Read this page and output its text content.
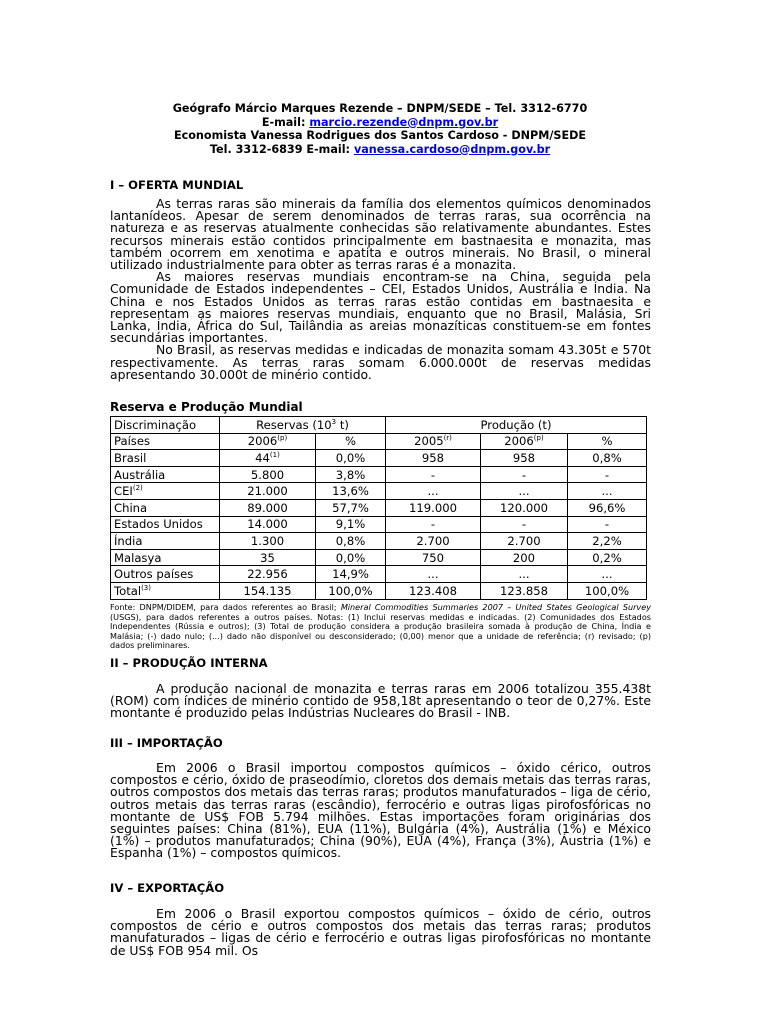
Geógrafo Márcio Marques Rezende – DNPM/SEDE – Tel. 3312-6770
E-mail: marcio.rezende@dnpm.gov.br
Economista Vanessa Rodrigues dos Santos Cardoso - DNPM/SEDE
Tel. 3312-6839 E-mail: vanessa.cardoso@dnpm.gov.br
I – OFERTA MUNDIAL

As terras raras são minerais da família dos elementos químicos denominados lantanídeos. Apesar de serem denominados de terras raras, sua ocorrência na natureza e as reservas atualmente conhecidas são relativamente abundantes. Estes recursos minerais estão contidos principalmente em bastnaesita e monazita, mas também ocorrem em xenotima e apatita e outros minerais. No Brasil, o mineral utilizado industrialmente para obter as terras raras é a monazita.

As maiores reservas mundiais encontram-se na China, seguida pela Comunidade de Estados independentes – CEI, Estados Unidos, Austrália e Índia. Na China e nos Estados Unidos as terras raras estão contidas em bastnaesita e representam as maiores reservas mundiais, enquanto que no Brasil, Malásia, Sri Lanka, Índia, África do Sul, Tailândia as areias monazíticas constituem-se em fontes secundárias importantes.

No Brasil, as reservas medidas e indicadas de monazita somam 43.305t e 570t respectivamente. As terras raras somam 6.000.000t de reservas medidas apresentando 30.000t de minério contido.

Reserva e Produção Mundial
Discriminação	Reservas ($10^3$ t)		Produção (t)		
Países	2006$^{(p)}$	%	2005$^{(r)}$	2006$^{(p)}$	%
Brasil	44$^{(1)}$	0,0%	958	958	0,8%
Austrália	5.800	3,8%	-	-	-
CEI$^{(2)}$	21.000	13,6%	...	...	...
China	89.000	57,7%	119.000	120.000	96,6%
Estados Unidos	14.000	9,1%	-	-	-
Índia	1.300	0,8%	2.700	2.700	2,2%
Malasya	35	0,0%	750	200	0,2%
Outros países	22.956	14,9%	...	...	...
Total$^{(3)}$	154.135	100,0%	123.408	123.858	100,0%
Fonte: DNPM/DIDEM, para dados referentes ao Brasil; Mineral Commodities Summaries 2007 – United States Geological Survey (USGS), para dados referentes a outros países. Notas: (1) Inclui reservas medidas e indicadas. (2) Comunidades dos Estados Independentes (Rússia e outros); (3) Total de produção considera a produção brasileira somada à produção de China, Índia e Malásia; (-) dado nulo; (...) dado não disponível ou desconsiderado; (0,00) menor que a unidade de referência; (r) revisado; (p) dados preliminares.
II – PRODUÇÃO INTERNA

A produção nacional de monazita e terras raras em 2006 totalizou 355.438t (ROM) com índices de minério contido de 958,18t apresentando o teor de 0,27%. Este montante é produzido pelas Indústrias Nucleares do Brasil - INB.

III – IMPORTAÇÃO

Em 2006 o Brasil importou compostos químicos – óxido cérico, outros compostos e cério, óxido de praseodímio, cloretos dos demais metais das terras raras, outros compostos dos metais das terras raras; produtos manufaturados – liga de cério, outros metais das terras raras (escândio), ferrocério e outras ligas pirofosfóricas no montante de US$ FOB 5.794 milhões. Estas importações foram originárias dos seguintes países: China (81%), EUA (11%), Bulgária (4%), Austrália (1%) e México (1%) – produtos manufaturados; China (90%), EUA (4%), França (3%), Áustria (1%) e Espanha (1%) – compostos químicos.

IV – EXPORTAÇÃO

Em 2006 o Brasil exportou compostos químicos – óxido de cério, outros compostos de cério e outros compostos dos metais das terras raras; produtos manufaturados – ligas de cério e ferrocério e outras ligas pirofosfóricas no montante de US$ FOB 954 mil. Os
